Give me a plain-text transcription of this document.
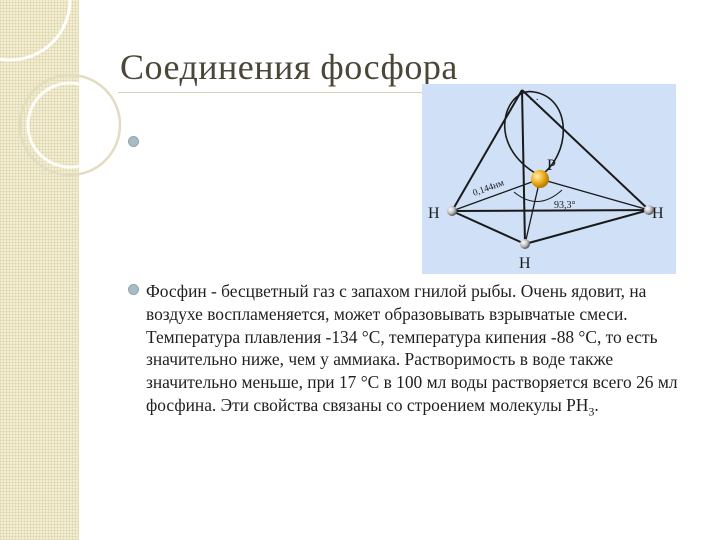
Соединения фосфора
· ·
P
H	H
H
0,144нм
93,3°

Фосфин - бесцветный газ с запахом гнилой рыбы. Очень ядовит, на воздухе воспламеняется, может образовывать взрывчатые смеси. Температура плавления -134 °С, температура кипения -88 °С, то есть значительно ниже, чем у аммиака. Растворимость в воде также значительно меньше, при 17 °С в 100 мл воды растворяется всего 26 мл фосфина. Эти свойства связаны со строением молекулы $PH_3$.
